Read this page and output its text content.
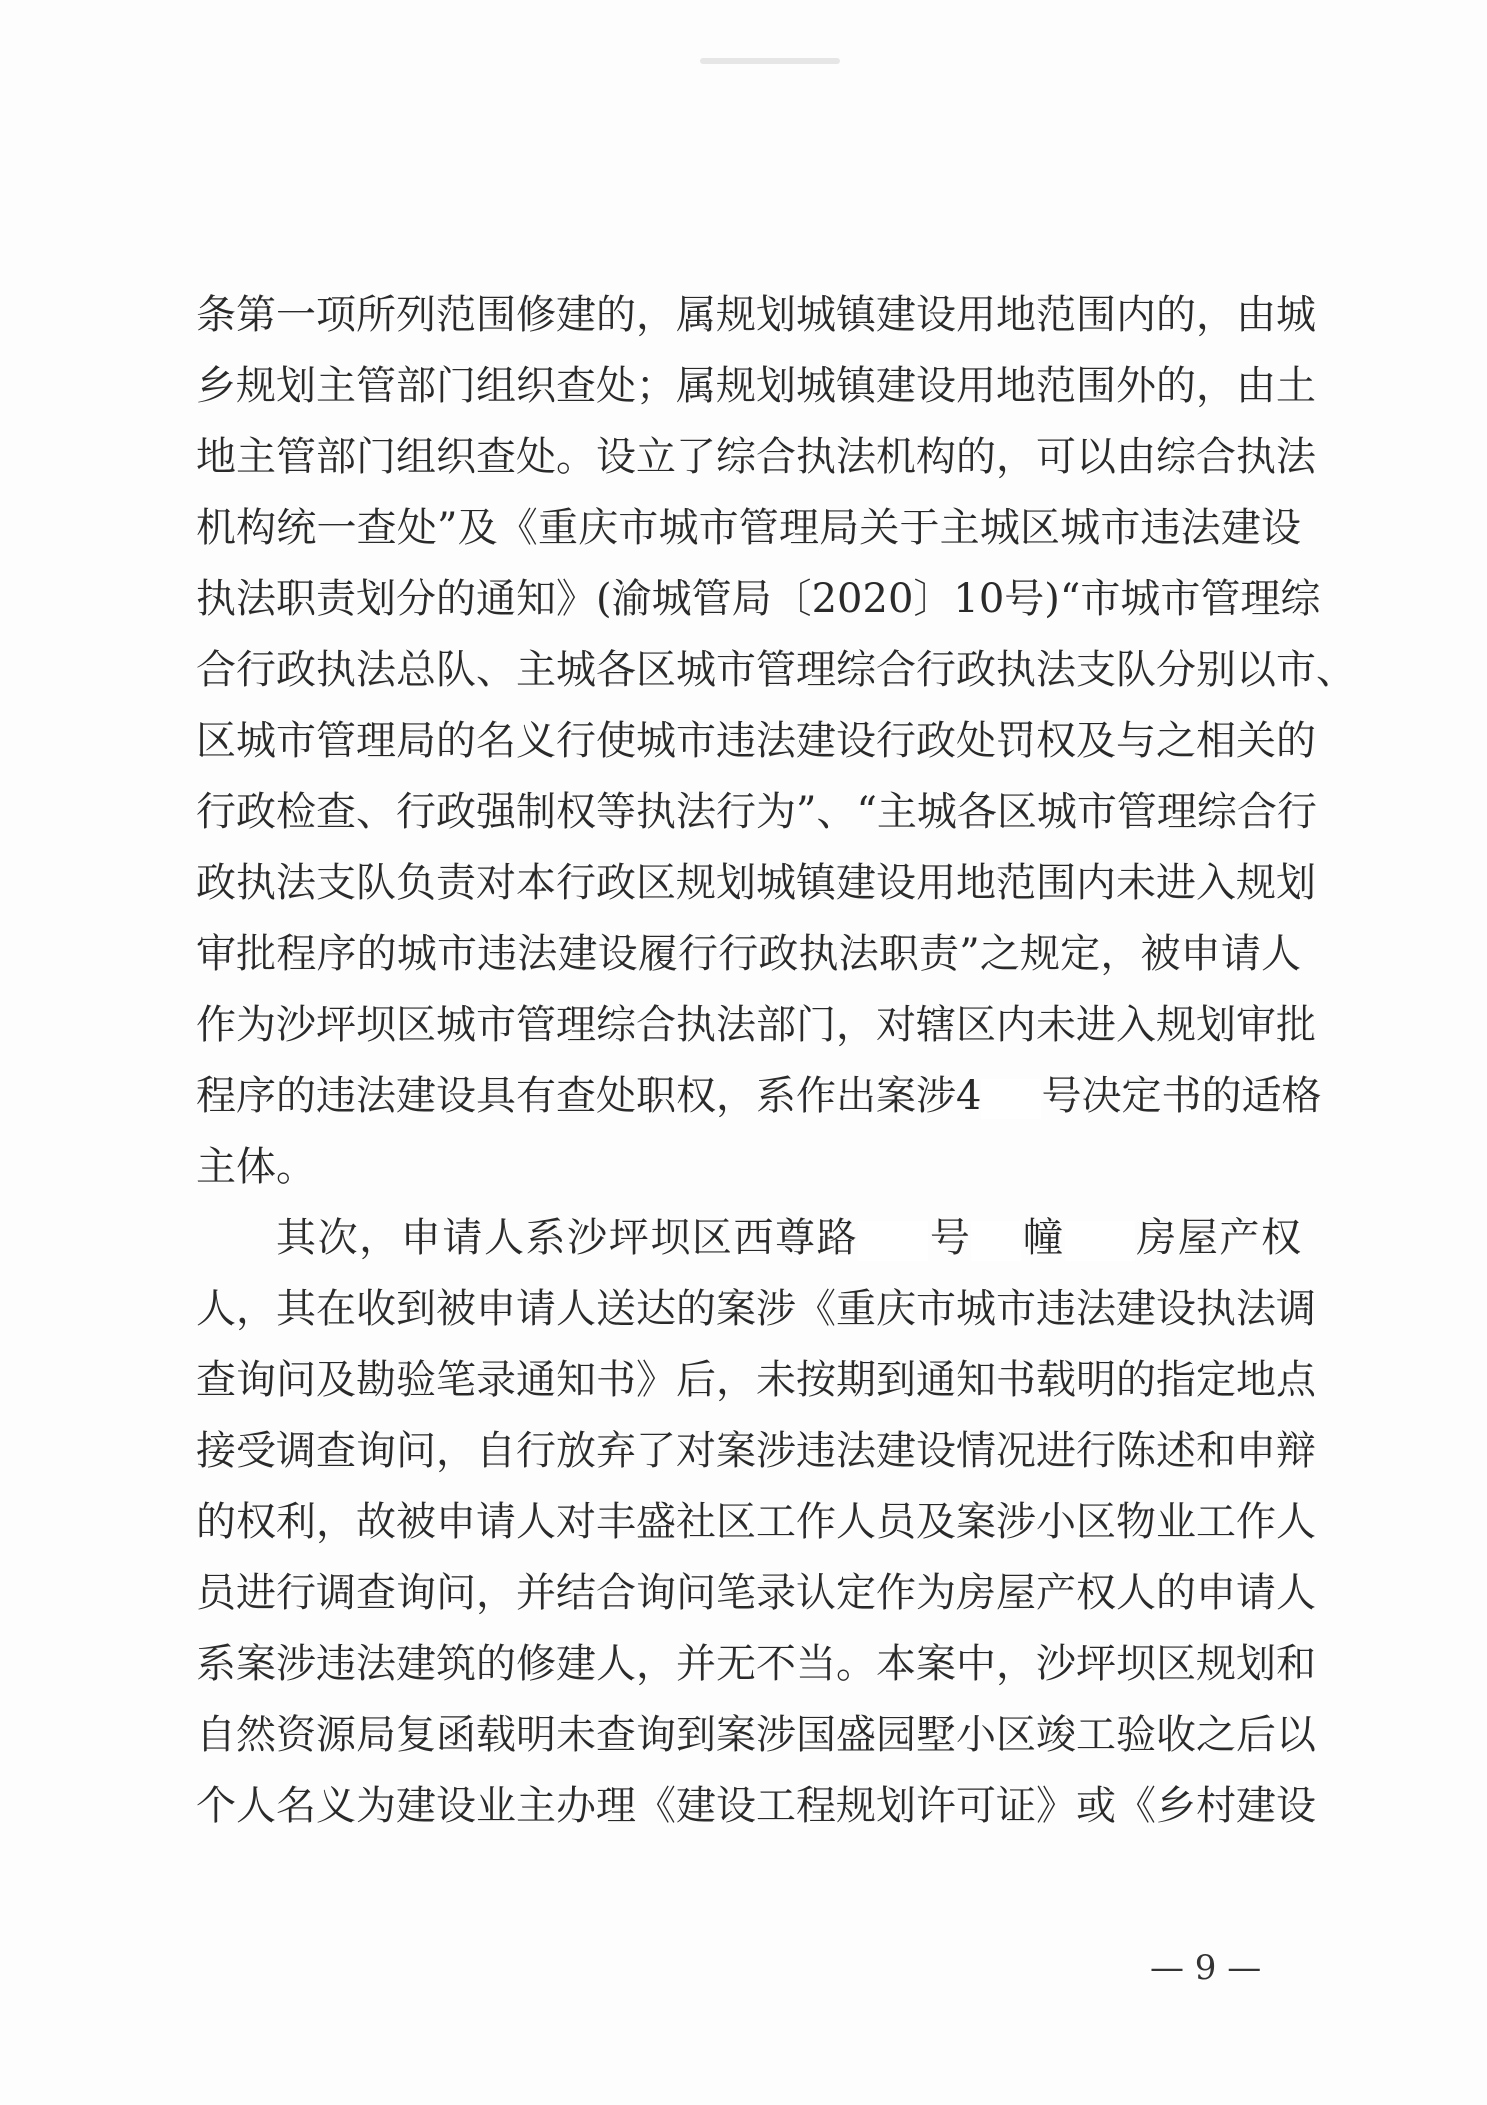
条第一项所列范围修建的，属规划城镇建设用地范围内的，由城
乡规划主管部门组织查处；属规划城镇建设用地范围外的，由土
地主管部门组织查处。设立了综合执法机构的，可以由综合执法
机构统一查处”及《重庆市城市管理局关于主城区城市违法建设
执法职责划分的通知》(渝城管局〔2020〕10号)“市城市管理综
合行政执法总队、主城各区城市管理综合行政执法支队分别以市、
区城市管理局的名义行使城市违法建设行政处罚权及与之相关的
行政检查、行政强制权等执法行为”、“主城各区城市管理综合行
政执法支队负责对本行政区规划城镇建设用地范围内未进入规划
审批程序的城市违法建设履行行政执法职责”之规定，被申请人
作为沙坪坝区城市管理综合执法部门，对辖区内未进入规划审批
程序的违法建设具有查处职权，系作出案涉4 号决定书的适格
主体。
其次，申请人系沙坪坝区西尊路 号 幢 房屋产权
人，其在收到被申请人送达的案涉《重庆市城市违法建设执法调
查询问及勘验笔录通知书》后，未按期到通知书载明的指定地点
接受调查询问，自行放弃了对案涉违法建设情况进行陈述和申辩
的权利，故被申请人对丰盛社区工作人员及案涉小区物业工作人
员进行调查询问，并结合询问笔录认定作为房屋产权人的申请人
系案涉违法建筑的修建人，并无不当。本案中，沙坪坝区规划和
自然资源局复函载明未查询到案涉国盛园墅小区竣工验收之后以
个人名义为建设业主办理《建设工程规划许可证》或《乡村建设
— 9 —
